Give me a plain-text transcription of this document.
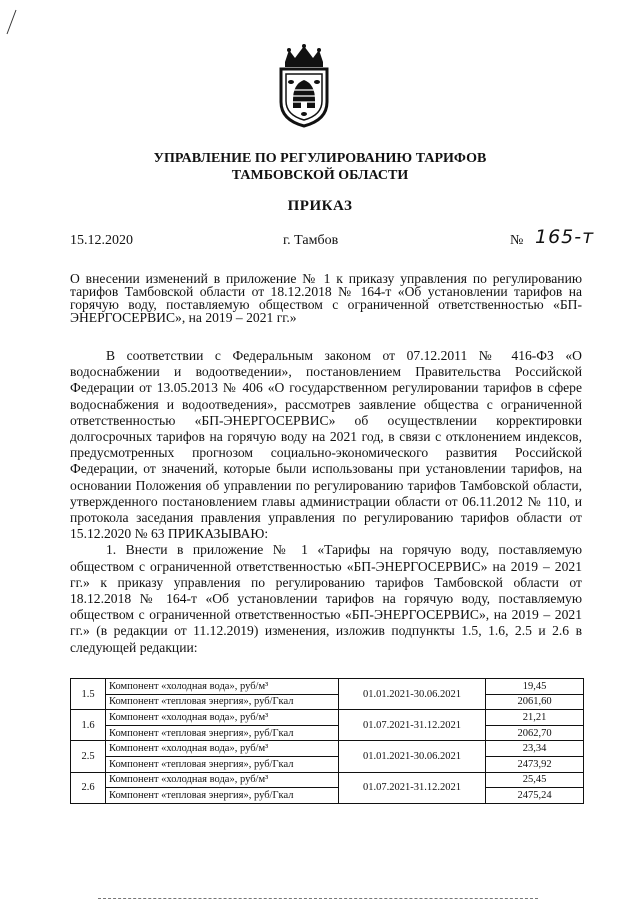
УПРАВЛЕНИЕ ПО РЕГУЛИРОВАНИЮ ТАРИФОВ
ТАМБОВСКОЙ ОБЛАСТИ
ПРИКАЗ
15.12.2020	г. Тамбов	№ 165-т
О внесении изменений в приложение № 1 к приказу управления по регулированию тарифов Тамбовской области от 18.12.2018 № 164-т «Об установлении тарифов на горячую воду, поставляемую обществом с ограниченной ответственностью «БП-ЭНЕРГОСЕРВИС», на 2019 – 2021 гг.»

В соответствии с Федеральным законом от 07.12.2011 № 416-ФЗ «О водоснабжении и водоотведении», постановлением Правительства Российской Федерации от 13.05.2013 № 406 «О государственном регулировании тарифов в сфере водоснабжения и водоотведения», рассмотрев заявление общества с ограниченной ответственностью «БП-ЭНЕРГОСЕРВИС» об осуществлении корректировки долгосрочных тарифов на горячую воду на 2021 год, в связи с отклонением индексов, предусмотренных прогнозом социально-экономического развития Российской Федерации, от значений, которые были использованы при установлении тарифов, на основании Положения об управлении по регулированию тарифов Тамбовской области, утвержденного постановлением главы администрации области от 06.11.2012 № 110, и протокола заседания правления управления по регулированию тарифов области от 15.12.2020 № 63 ПРИКАЗЫВАЮ:

1. Внести в приложение № 1 «Тарифы на горячую воду, поставляемую обществом с ограниченной ответственностью «БП-ЭНЕРГОСЕРВИС» на 2019 – 2021 гг.» к приказу управления по регулированию тарифов Тамбовской области от 18.12.2018 № 164-т «Об установлении тарифов на горячую воду, поставляемую обществом с ограниченной ответственностью «БП-ЭНЕРГОСЕРВИС», на 2019 – 2021 гг.» (в редакции от 11.12.2019) изменения, изложив подпункты 1.5, 1.6, 2.5 и 2.6 в следующей редакции:

1.5	Компонент «холодная вода», руб/м³	01.01.2021-30.06.2021	19,45
	Компонент «тепловая энергия», руб/Гкал		2061,60
1.6	Компонент «холодная вода», руб/м³	01.07.2021-31.12.2021	21,21
	Компонент «тепловая энергия», руб/Гкал		2062,70
2.5	Компонент «холодная вода», руб/м³	01.01.2021-30.06.2021	23,34
	Компонент «тепловая энергия», руб/Гкал		2473,92
2.6	Компонент «холодная вода», руб/м³	01.07.2021-31.12.2021	25,45
	Компонент «тепловая энергия», руб/Гкал		2475,24
